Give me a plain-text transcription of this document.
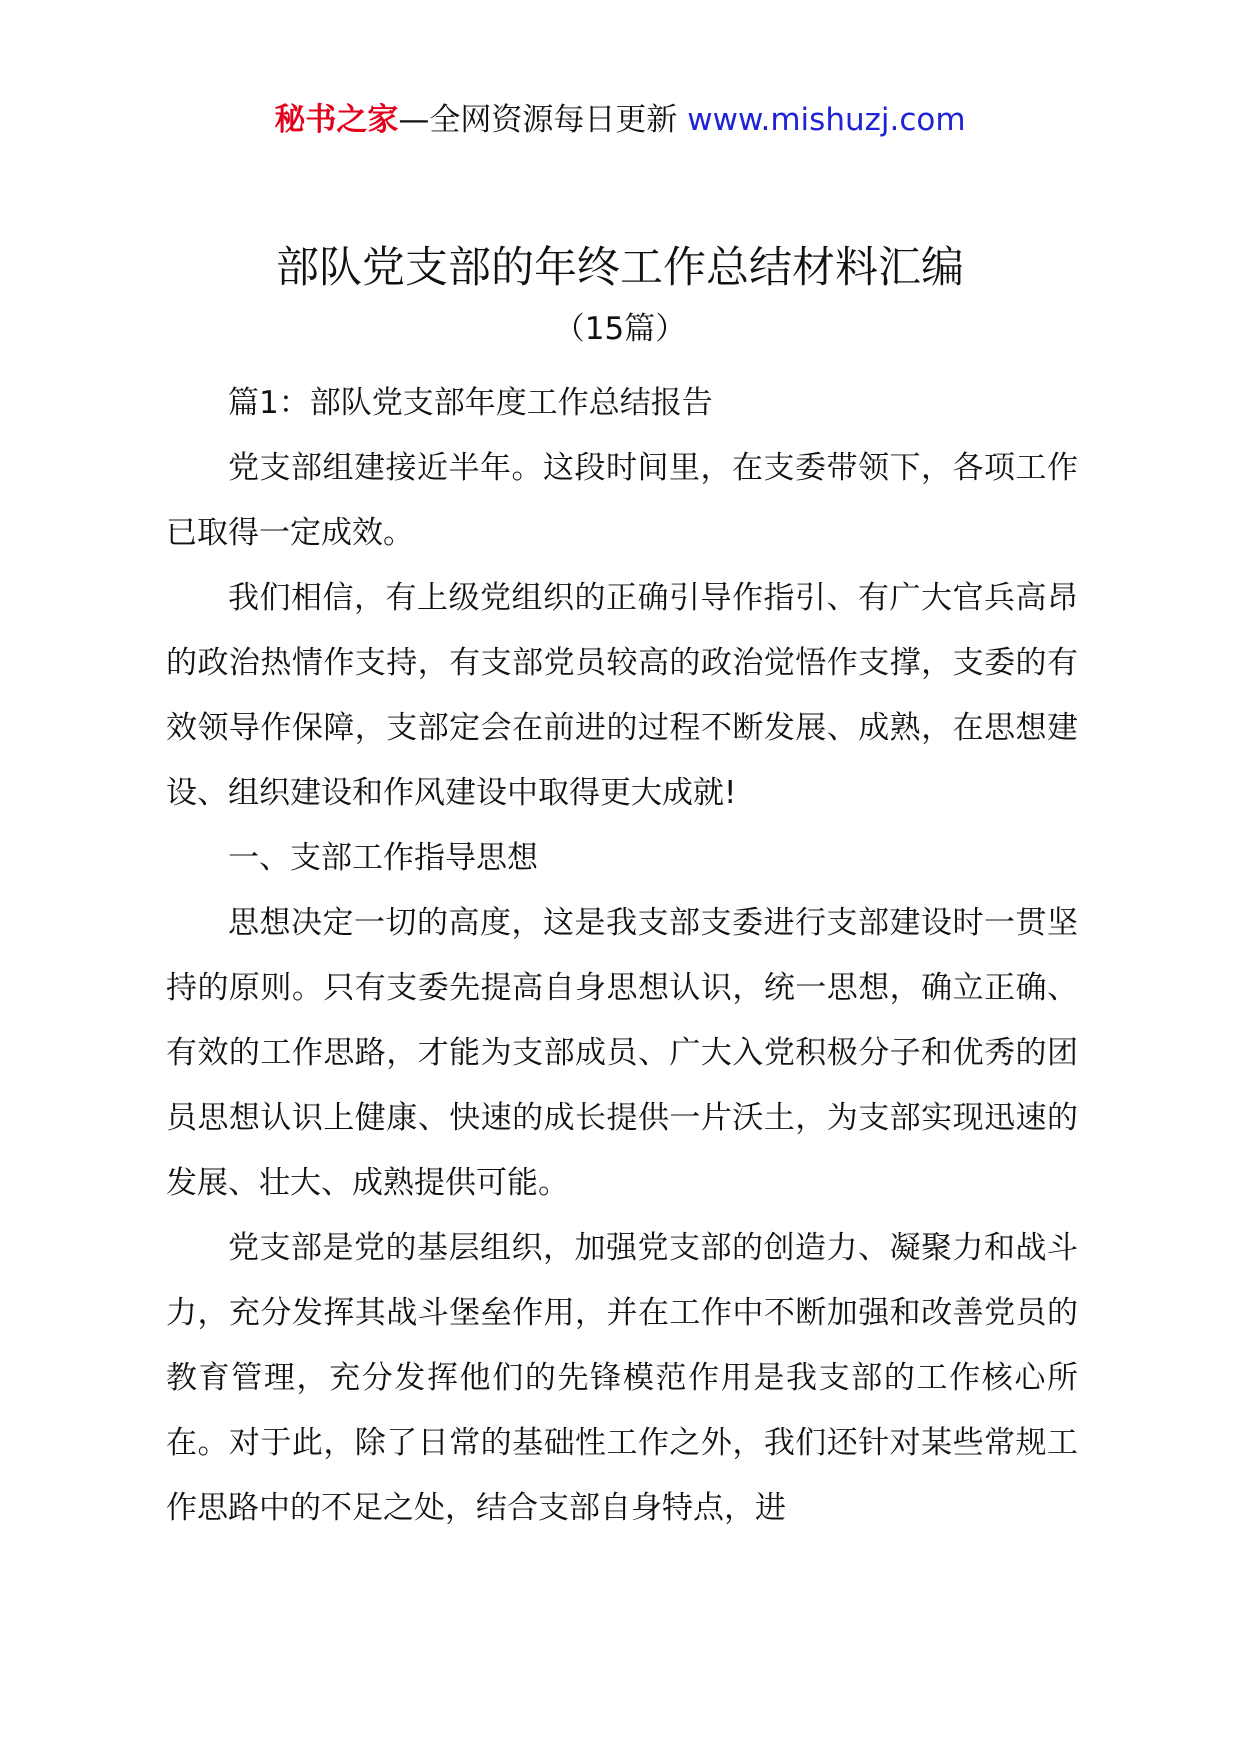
秘书之家—全网资源每日更新 www.mishuzj.com
部队党支部的年终工作总结材料汇编
（15篇）

篇1：部队党支部年度工作总结报告

党支部组建接近半年。这段时间里，在支委带领下，各项工作已取得一定成效。

我们相信，有上级党组织的正确引导作指引、有广大官兵高昂的政治热情作支持，有支部党员较高的政治觉悟作支撑，支委的有效领导作保障，支部定会在前进的过程不断发展、成熟，在思想建设、组织建设和作风建设中取得更大成就!

一、支部工作指导思想

思想决定一切的高度，这是我支部支委进行支部建设时一贯坚持的原则。只有支委先提高自身思想认识，统一思想，确立正确、有效的工作思路，才能为支部成员、广大入党积极分子和优秀的团员思想认识上健康、快速的成长提供一片沃土，为支部实现迅速的发展、壮大、成熟提供可能。

党支部是党的基层组织，加强党支部的创造力、凝聚力和战斗力，充分发挥其战斗堡垒作用，并在工作中不断加强和改善党员的教育管理，充分发挥他们的先锋模范作用是我支部的工作核心所在。对于此，除了日常的基础性工作之外，我们还针对某些常规工作思路中的不足之处，结合支部自身特点，进
